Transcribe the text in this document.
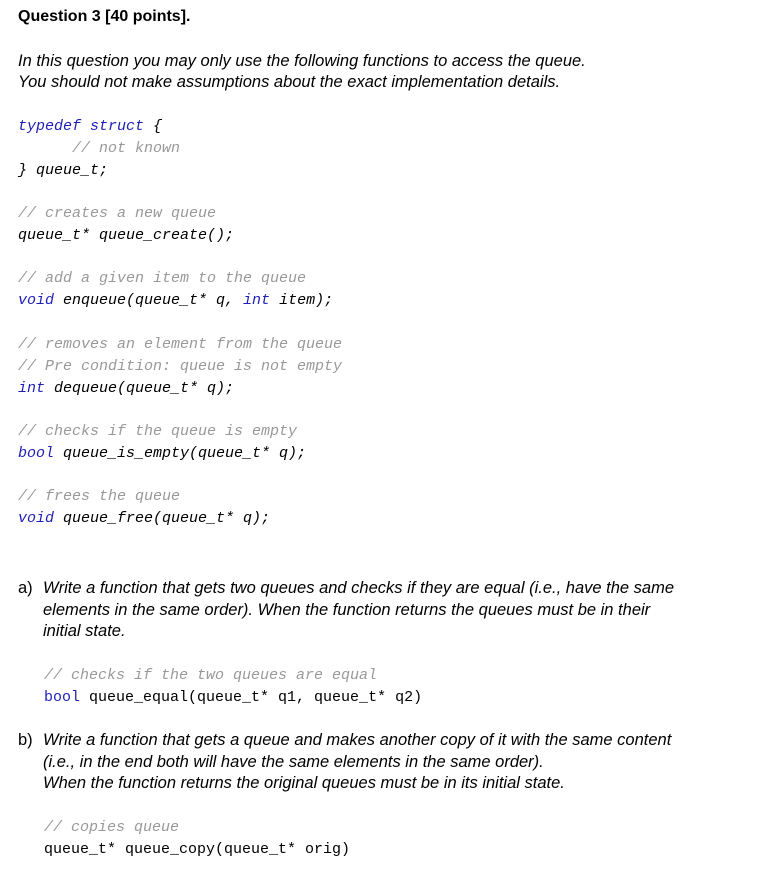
Question 3 [40 points].
In this question you may only use the following functions to access the queue.
You should not make assumptions about the exact implementation details.
typedef struct {
// not known
} queue_t;
// creates a new queue
queue_t* queue_create();
// add a given item to the queue
void enqueue(queue_t* q, int item);
// removes an element from the queue
// Pre condition: queue is not empty
int dequeue(queue_t* q);
// checks if the queue is empty
bool queue_is_empty(queue_t* q);
// frees the queue
void queue_free(queue_t* q);
a) Write a function that gets two queues and checks if they are equal (i.e., have the same
elements in the same order). When the function returns the queues must be in their
initial state.
// checks if the two queues are equal
bool queue_equal(queue_t* q1, queue_t* q2)
b) Write a function that gets a queue and makes another copy of it with the same content
(i.e., in the end both will have the same elements in the same order).
When the function returns the original queues must be in its initial state.
// copies queue
queue_t* queue_copy(queue_t* orig)
